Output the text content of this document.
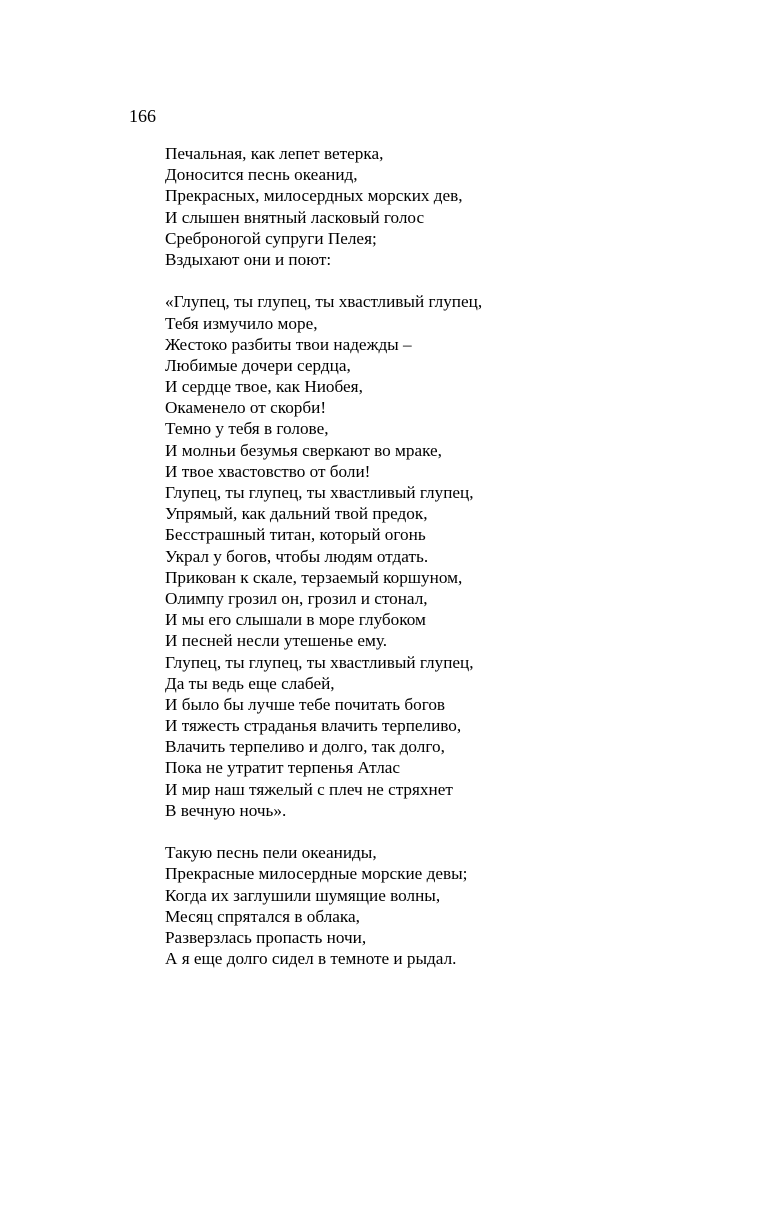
166
Печальная, как лепет ветерка,
Доносится песнь океанид,
Прекрасных, милосердных морских дев,
И слышен внятный ласковый голос
Среброногой супруги Пелея;
Вздыхают они и поют:
«Глупец, ты глупец, ты хвастливый глупец,
Тебя измучило море,
Жестоко разбиты твои надежды –
Любимые дочери сердца,
И сердце твое, как Ниобея,
Окаменело от скорби!
Темно у тебя в голове,
И молньи безумья сверкают во мраке,
И твое хвастовство от боли!
Глупец, ты глупец, ты хвастливый глупец,
Упрямый, как дальний твой предок,
Бесстрашный титан, который огонь
Украл у богов, чтобы людям отдать.
Прикован к скале, терзаемый коршуном,
Олимпу грозил он, грозил и стонал,
И мы его слышали в море глубоком
И песней несли утешенье ему.
Глупец, ты глупец, ты хвастливый глупец,
Да ты ведь еще слабей,
И было бы лучше тебе почитать богов
И тяжесть страданья влачить терпеливо,
Влачить терпеливо и долго, так долго,
Пока не утратит терпенья Атлас
И мир наш тяжелый с плеч не стряхнет
В вечную ночь».
Такую песнь пели океаниды,
Прекрасные милосердные морские девы;
Когда их заглушили шумящие волны,
Месяц спрятался в облака,
Разверзлась пропасть ночи,
А я еще долго сидел в темноте и рыдал.
